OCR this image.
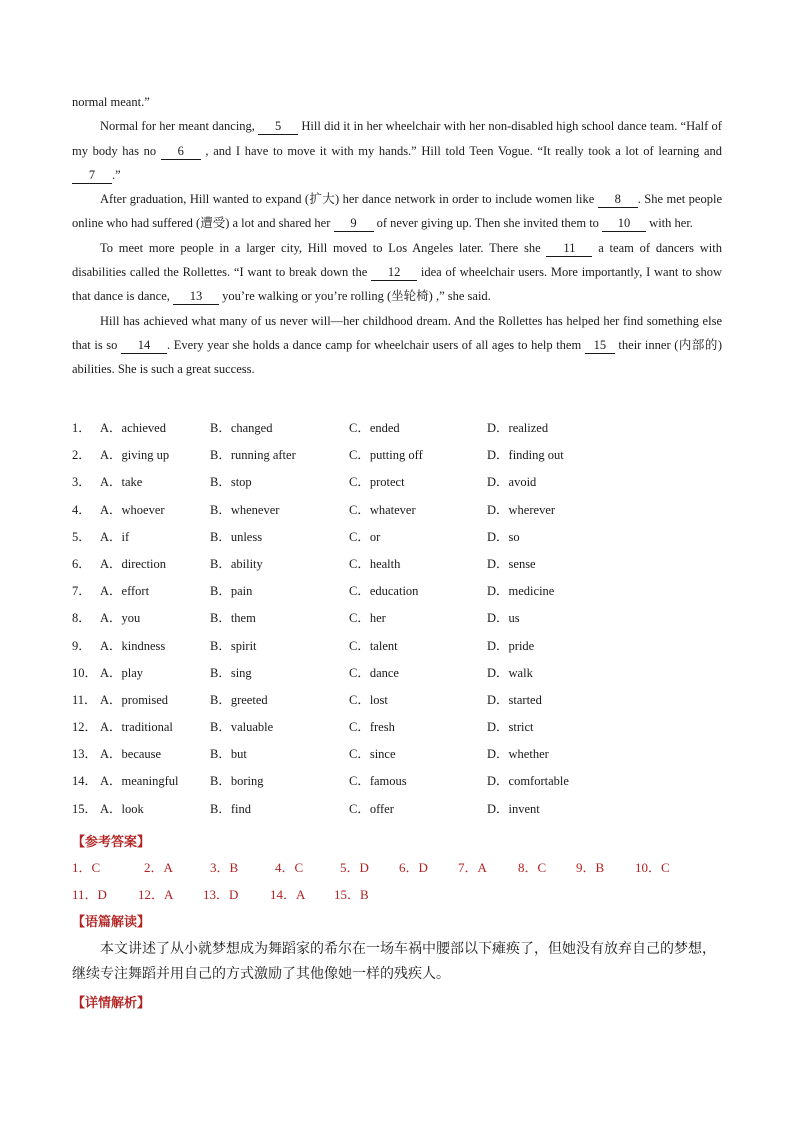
normal meant.”

Normal for her meant dancing, 5 Hill did it in her wheelchair with her non-disabled high school dance team. “Half of my body has no 6 , and I have to move it with my hands.” Hill told Teen Vogue. “It really took a lot of learning and 7 .”

After graduation, Hill wanted to expand (扩大) her dance network in order to include women like 8 . She met people online who had suffered (遭受) a lot and shared her 9 of never giving up. Then she invited them to 10 with her.

To meet more people in a larger city, Hill moved to Los Angeles later. There she 11 a team of dancers with disabilities called the Rollettes. “I want to break down the 12 idea of wheelchair users. More importantly, I want to show that dance is dance, 13 you’re walking or you’re rolling (坐轮椅) ,” she said.

Hill has achieved what many of us never will—her childhood dream. And the Rollettes has helped her find something else that is so 14 . Every year she holds a dance camp for wheelchair users of all ages to help them 15 their inner (内部的) abilities. She is such a great success.

1． A．achieved	B．changed	C．ended	D．realized
2． A．giving up	B．running after	C．putting off	D．finding out
3． A．take	B．stop	C．protect	D．avoid
4． A．whoever	B．whenever	C．whatever	D．wherever
5． A．if	B．unless	C．or	D．so
6． A．direction	B．ability	C．health	D．sense
7． A．effort	B．pain	C．education	D．medicine
8． A．you	B．them	C．her	D．us
9． A．kindness	B．spirit	C．talent	D．pride
10． A．play	B．sing	C．dance	D．walk
11． A．promised	B．greeted	C．lost	D．started
12． A．traditional	B．valuable	C．fresh	D．strict
13． A．because	B．but	C．since	D．whether
14． A．meaningful	B．boring	C．famous	D．comfortable
15． A．look	B．find	C．offer	D．invent
【参考答案】
1．C	2．A	3．B	4．C	5．D 6．D 7．A 8．C 9．B 10．C
11．D 12．A 13．D 14．A 15．B
【语篇解读】

本文讲述了从小就梦想成为舞蹈家的希尔在一场车祸中腰部以下瘫痪了，但她没有放弃自己的梦想，继续专注舞蹈并用自己的方式激励了其他像她一样的残疾人。

【详情解析】
